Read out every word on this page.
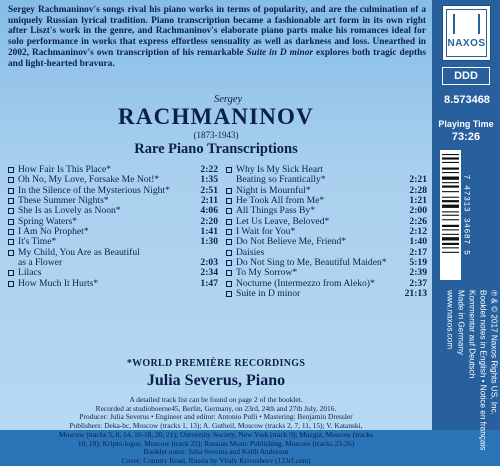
Sergey Rachmaninov's songs rival his piano works in terms of popularity, and are the culmination of a uniquely Russian lyrical tradition. Piano transcription became a fashionable art form in its own right after Liszt's work in the genre, and Rachmaninov's elaborate piano parts make his romances ideal for solo performance in works that express effortless sensuality as well as darkness and loss. Unearthed in 2002, Rachmaninov's own transcription of his remarkable Suite in D minor explores both tragic depths and light-hearted bravura.

Sergey
RACHMANINOV
(1873-1943)
Rare Piano Transcriptions
How Fair Is This Place*	2:22
Oh No, My Love, Forsake Me Not!*	1:35
In the Silence of the Mysterious Night*	2:51
These Summer Nights*	2:11
She Is as Lovely as Noon*	4:06
Spring Waters*	2:20
I Am No Prophet*	1:41
It's Time*	1:30
My Child, You Are as Beautiful
as a Flower	2:03
Lilacs	2:34
How Much It Hurts*	1:47
Why Is My Sick Heart
Beating so Frantically*	2:21
Night is Mournful*	2:28
He Took All from Me*	1:21
All Things Pass By*	2:00
Let Us Leave, Beloved*	2:26
I Wait for You*	2:12
Do Not Believe Me, Friend*	1:40
Daisies	2:17
Do Not Sing to Me, Beautiful Maiden*	5:19
To My Sorrow*	2:39
Nocturne (Intermezzo from Aleko)*	2:37
Suite in D minor	21:13
*WORLD PREMIÈRE RECORDINGS
Julia Severus, Piano
A detailed track list can be found on page 2 of the booklet.
Recorded at studioboerne45, Berlin, Germany, on 23rd, 24th and 27th July, 2016.
Producer: Julia Severus • Engineer and editor: Antonio Pulli • Mastering: Benjamin Dressler
Publishers: Deka-bc, Moscow (tracks 1, 13); A. Gutheil, Moscow (tracks 2, 7, 11, 15); V. Katanski,
Moscow (tracks 5, 8, 14, 16-18, 20, 21); University Society, New York (track 9); Muzgiz, Moscow (tracks
10, 19); Kripto-logos, Moscow (track 22); Russian Music Publishing, Moscow (tracks 23-26)
Booklet notes: Julia Severus and Keith Anderson
Cover: Country Road, Russia by Vitaly Krivosheev (123rf.com)
NAXOS
DDD
8.573468
Playing Time
73:26
7 47313 34687 5
℗ & © 2017 Naxos Rights US, Inc.
Booklet notes in English • Notice en français
Kommentar auf Deutsch
Made in Germany
www.naxos.com
